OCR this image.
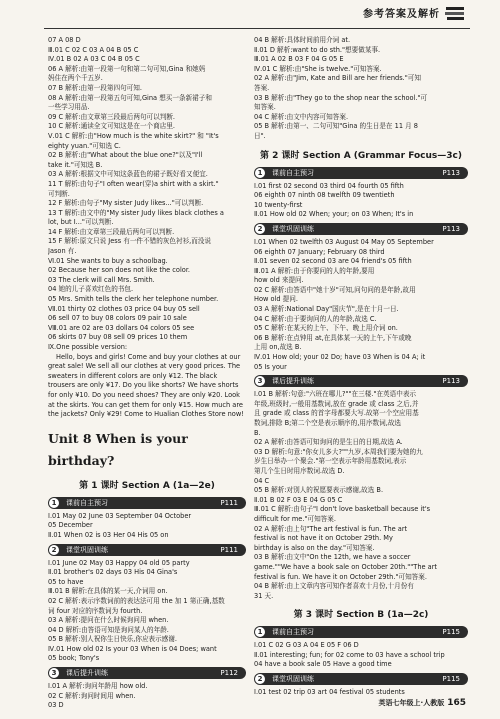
参考答案及解析
07 A 08 D
Ⅲ.01 C 02 C 03 A 04 B 05 C
Ⅳ.01 B 02 A 03 C 04 B 05 C
06 A 解析:由第一段第一句和第二句可知,Gina 和她妈
妈住在两个千五岁.
07 B 解析:由第一段第四句可知.
08 A 解析:由第一段第五句可知,Gina 想买一条新裙子和
一些学习用品.
09 C 解析:由文章第三段最后两句可以判断.
10 C 解析:通读全文可知这是在一个商店里.
Ⅴ.01 C 解析:由"How much is the white skirt?" 和 "It's
eighty yuan."可知选 C.
02 B 解析:由"What about the blue one?"以及"I'll
take it."可知选 B.
03 A 解析:根据文中可知这条蓝色的裙子既好看又便宜.
11 T 解析:由句子"I often wear(穿)a shirt with a skirt."
可判断.
12 F 解析:由句子"My sister Judy likes..."可以判断.
13 T 解析:由文中的"My sister Judy likes black clothes a
lot, but I..."可以判断.
14 F 解析:由文章第三段最后两句可以判断.
15 F 解析:原文只说 Jess 有一件不错的灰色衬衫,而没说
Jason 有.
Ⅵ.01 She wants to buy a schoolbag.
02 Because her son does not like the color.
03 The clerk will call Mrs. Smith.
04 她的儿子喜欢红色的书包.
05 Mrs. Smith tells the clerk her telephone number.
Ⅶ.01 thirty 02 clothes 03 price 04 buy 05 sell
06 sell 07 to buy 08 colors 09 pair 10 sale
Ⅷ.01 are 02 are 03 dollars 04 colors 05 see
06 skirts 07 buy 08 sell 09 prices 10 them
Ⅸ.One possible version:
Hello, boys and girls! Come and buy your clothes at our great sale! We sell all our clothes at very good prices. The sweaters in different colors are only ¥12. The black trousers are only ¥17. Do you like shorts? We have shorts for only ¥10. Do you need shoes? They are only ¥20. Look at the skirts. You can get them for only ¥15. How much are the jackets? Only ¥29! Come to Hualian Clothes Store now!
Unit 8 When is your birthday?
第 1 课时 Section A (1a—2e)
1	课前自主预习	P111
Ⅰ.01 May 02 June 03 September 04 October
05 December
Ⅱ.01 When 02 is 03 Her 04 His 05 on
2	课堂巩固训练	P111
Ⅰ.01 June 02 May 03 Happy 04 old 05 party
Ⅱ.01 brother's 02 days 03 His 04 Gina's
05 to have
Ⅲ.01 B 解析:在具体的某一天,介词用 on.
02 C 解析:表示序数词前的表达法可用 the 加 1 第正确,基数
词 four 对应的序数词为 fourth.
03 A 解析:提问在什么时候询问用 when.
04 D 解析:由答语可知是询问某人的年龄.
05 B 解析:别人祝你生日快乐,你应表示感谢.
Ⅳ.01 How old 02 Is your 03 When is 04 Does; want
05 book; Tony's
3	课后提升训练	P112
Ⅰ.01 A 解析:询问年龄用 how old.
02 C 解析:询问时间用 when.
03 D
04 B 解析:具体时间前用介词 at.
Ⅱ.01 D 解析:want to do sth."想要做某事.
Ⅲ.01 A 02 B 03 F 04 G 05 E
Ⅳ.01 C 解析:由"She is twelve."可知答案.
02 A 解析:由"Jim, Kate and Bill are her friends."可知
答案.
03 B 解析:由"They go to the shop near the school."可
知答案.
04 C 解析:由文中内容可知答案.
05 B 解析:由第一、二句可知"Gina 的生日是在 11 月 8
日".
第 2 课时 Section A (Grammar Focus—3c)
1	课前自主预习	P113
Ⅰ.01 first 02 second 03 third 04 fourth 05 fifth
06 eighth 07 ninth 08 twelfth 09 twentieth
10 twenty-first
Ⅱ.01 How old 02 When; your; on 03 When; It's in
2	课堂巩固训练	P113
Ⅰ.01 When 02 twelfth 03 August 04 May 05 September
06 eighth 07 January; February 08 third
Ⅱ.01 seven 02 second 03 are 04 friend's 05 fifth
Ⅲ.01 A 解析:由于你要问的人的年龄,要用
how old 来提问.
02 C 解析:由答语中"她十岁"可知,问句问的是年龄,故用
How old 提问.
03 A 解析:National Day"国庆节",是在十月一日.
04 C 解析:由于要询问的人的年龄,故选 C.
05 C 解析:在某天的上午、下午、晚上用介词 on.
06 B 解析:在点钟用 at,在具体某一天的上午,下午或晚
上用 on,故选 B.
Ⅳ.01 How old; your 02 Do; have 03 When is 04 A; it
05 Is your
3	课后提升训练	P113
Ⅰ.01 B 解析:句意:"六班在哪儿?""在三楼."在英语中表示
年级,班级时,一般用基数词,放在 grade 或 class 之后,并
且 grade 或 class 的首字母都要大写.故第一个空应用基
数词,排除 B;第二个空是表示顺序的,用序数词,故选
B.
02 A 解析:由答语可知询问的是生日的日期,故选 A.
03 D 解析:句意:"你女儿多大?""九岁,本周我们要为她的九
岁生日举办一个聚会."第一空表示年龄用基数词,表示
第几个生日时用序数词.故选 D.
04 C
05 B 解析:对别人的祝愿要表示感谢,故选 B.
Ⅱ.01 B 02 F 03 E 04 G 05 C
Ⅲ.01 C 解析:由句子"I don't love basketball because it's
difficult for me."可知答案.
02 A 解析:由上句"The art festival is fun. The art
festival is not have it on October 29th. My
birthday is also on the day."可知答案.
03 B 解析:由文中"On the 12th, we have a soccer
game.""We have a book sale on October 20th.""The art
festival is fun. We have it on October 29th."可知答案.
04 B 解析:由上文章内容可知作者喜欢十月份,十月份有
31 天.
第 3 课时 Section B (1a—2c)
1	课前自主预习	P115
Ⅰ.01 C 02 G 03 A 04 E 05 F 06 D
Ⅱ.01 interesting; fun; for 02 come to 03 have a school trip
04 have a book sale 05 Have a good time
2	课堂巩固训练	P115
Ⅰ.01 test 02 trip 03 art 04 festival 05 students
英语七年级上·人教版 165
